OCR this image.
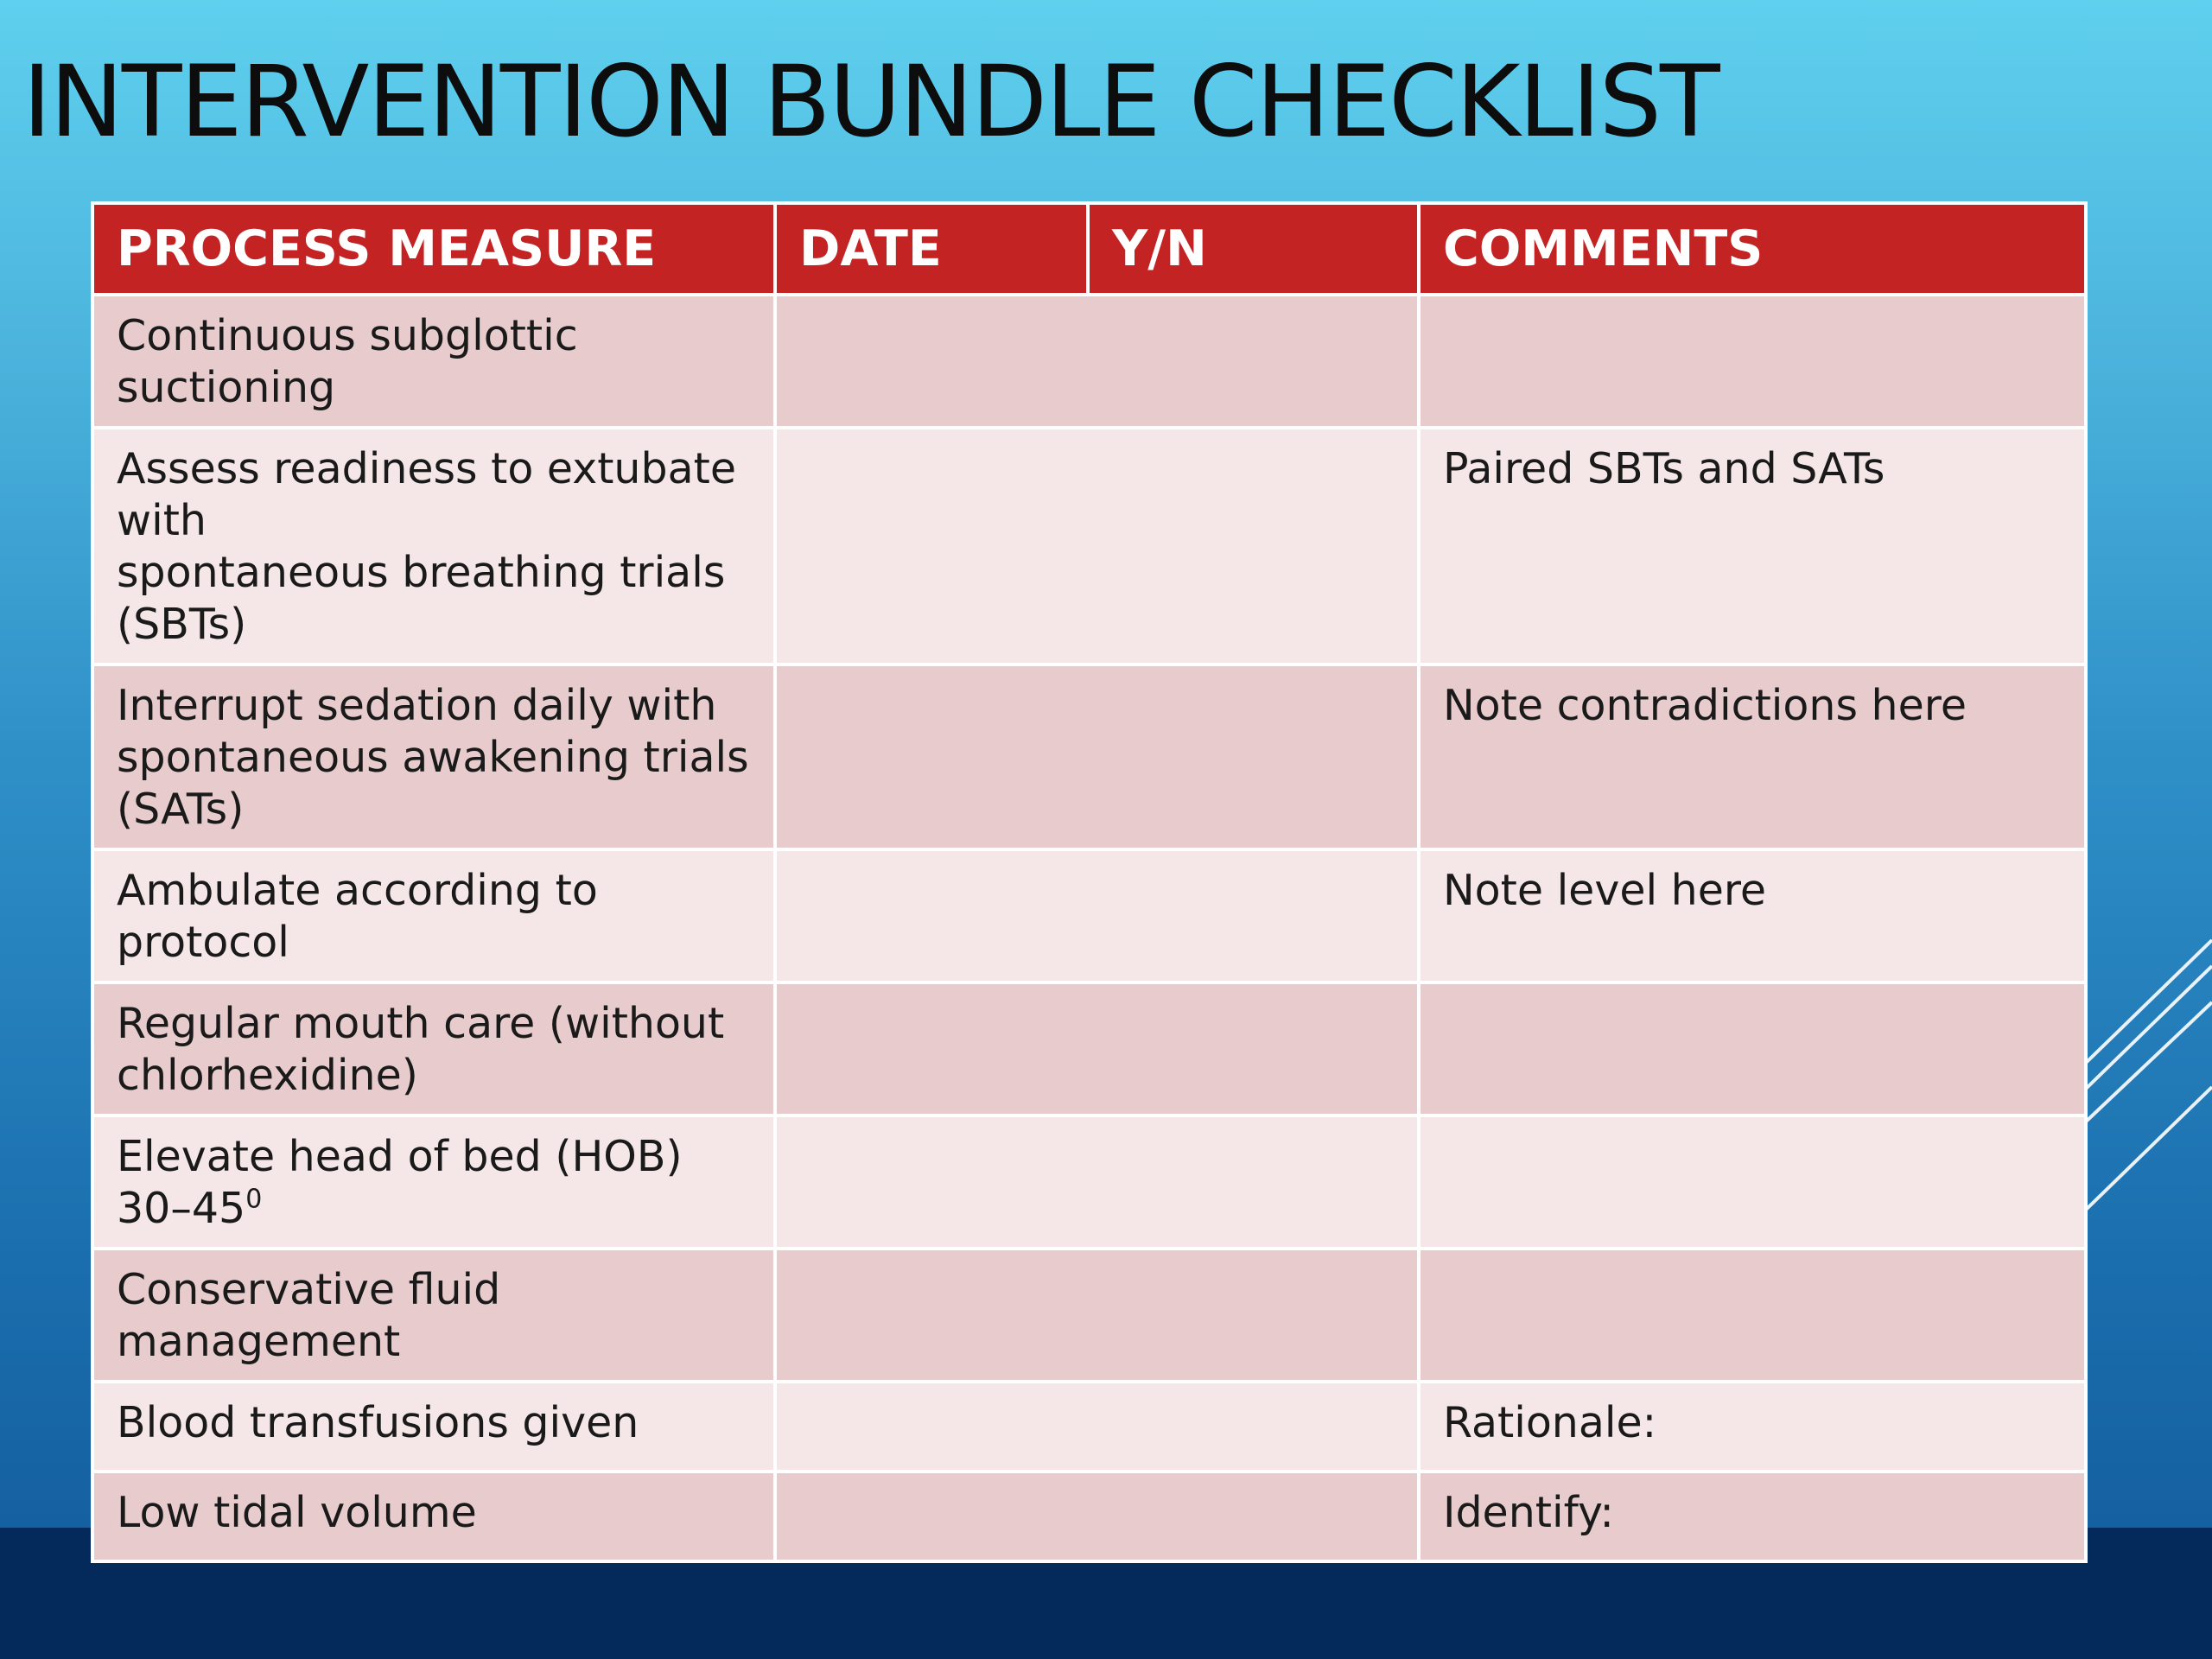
INTERVENTION BUNDLE CHECKLIST
PROCESS MEASURE	DATE	Y/N	COMMENTS
Continuous subglottic suctioning			
Assess readiness to extubate with
spontaneous breathing trials (SBTs)			Paired SBTs and SATs
Interrupt sedation daily with spontaneous awakening trials (SATs)			Note contradictions here
Ambulate according to protocol			Note level here
Regular mouth care (without chlorhexidine)			
Elevate head of bed (HOB) $30-45^0$		
Conservative fluid management			
Blood transfusions given			Rationale:
Low tidal volume			Identify:
